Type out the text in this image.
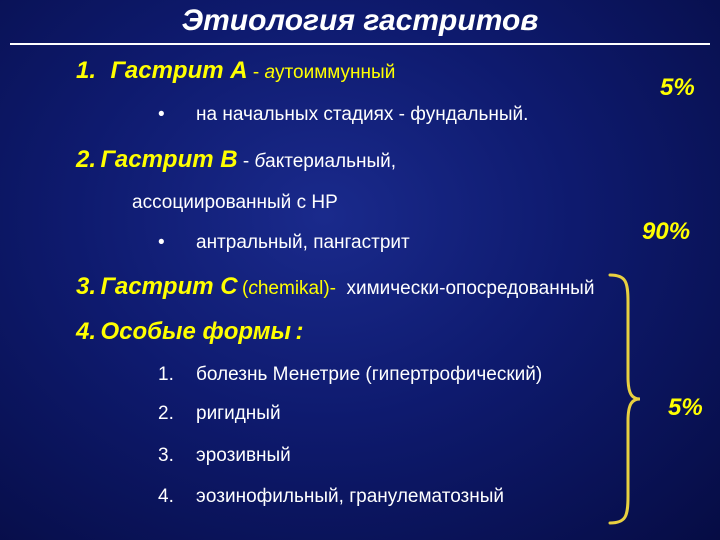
Этиология гастритов
1. Гастрит А - аутоиммунный
5%
• на начальных стадиях - фундальный.
2. Гастрит В - бактериальный,
ассоциированный с НР
90%
• антральный, пангастрит
3. Гастрит С (сhemikal)- химически-опосредованный
4. Особые формы :
1. болезнь Менетрие (гипертрофический)
2. ригидный
3. эрозивный
4. эозинофильный, гранулематозный
5%
